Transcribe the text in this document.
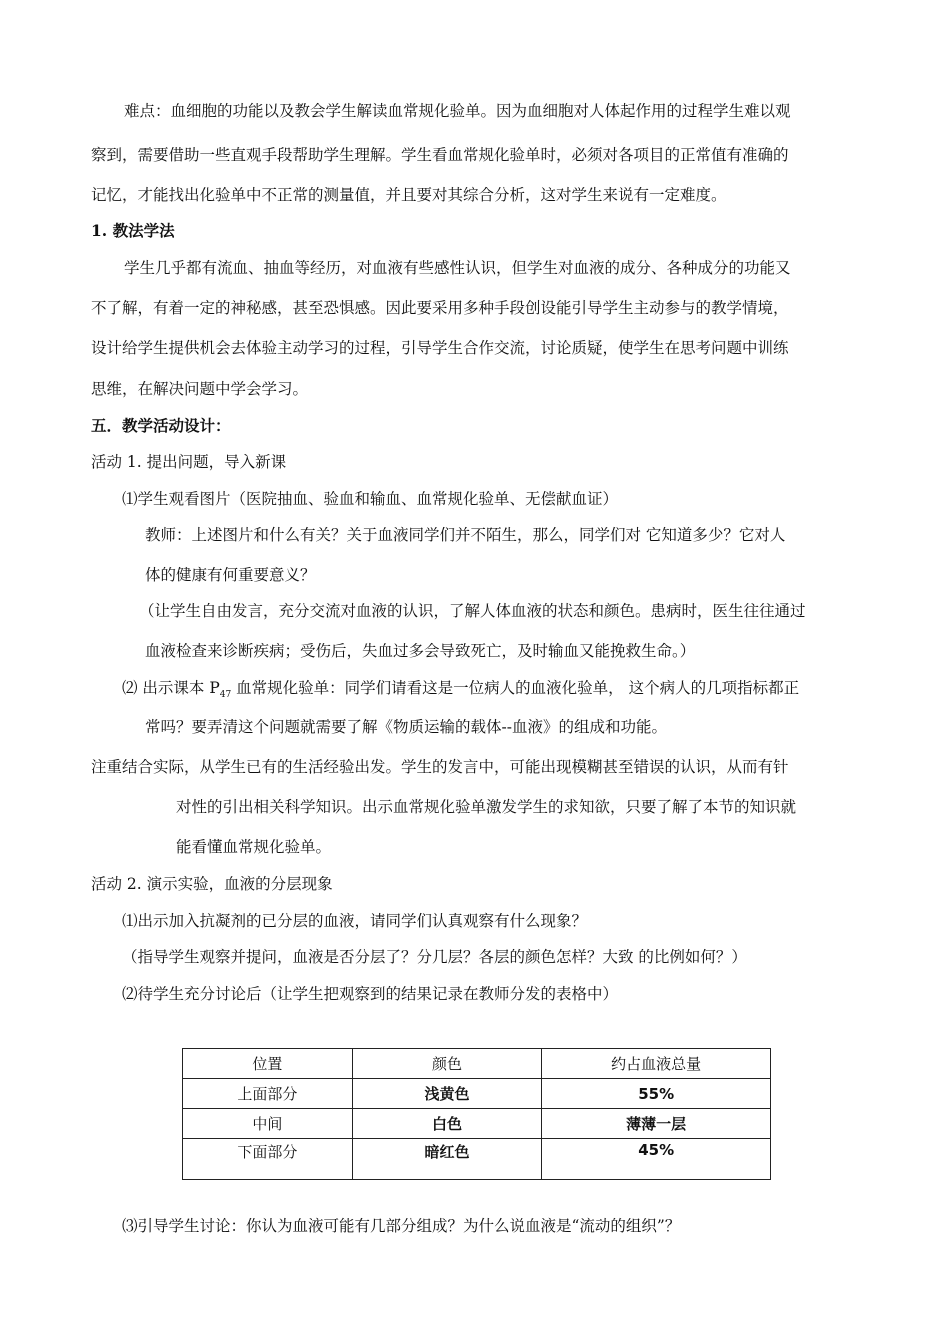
难点：血细胞的功能以及教会学生解读血常规化验单。因为血细胞对人体起作用的过程学生难以观
察到，需要借助一些直观手段帮助学生理解。学生看血常规化验单时，必须对各项目的正常值有准确的
记忆，才能找出化验单中不正常的测量值，并且要对其综合分析，这对学生来说有一定难度。
1. 教法学法
学生几乎都有流血、抽血等经历，对血液有些感性认识，但学生对血液的成分、各种成分的功能又
不了解，有着一定的神秘感，甚至恐惧感。因此要采用多种手段创设能引导学生主动参与的教学情境，
设计给学生提供机会去体验主动学习的过程，引导学生合作交流，讨论质疑，使学生在思考问题中训练
思维，在解决问题中学会学习。
五．教学活动设计：
活动 1. 提出问题，导入新课
⑴学生观看图片（医院抽血、验血和输血、血常规化验单、无偿献血证）
教师：上述图片和什么有关？关于血液同学们并不陌生，那么，同学们对 它知道多少？它对人
体的健康有何重要意义？
（让学生自由发言，充分交流对血液的认识，了解人体血液的状态和颜色。患病时，医生往往通过
血液检查来诊断疾病；受伤后，失血过多会导致死亡，及时输血又能挽救生命。）
⑵ 出示课本 $P_{47}$ 血常规化验单：同学们请看这是一位病人的血液化验单， 这个病人的几项指标都正
常吗？要弄清这个问题就需要了解《物质运输的载体--血液》的组成和功能。
注重结合实际，从学生已有的生活经验出发。学生的发言中，可能出现模糊甚至错误的认识，从而有针
对性的引出相关科学知识。出示血常规化验单激发学生的求知欲，只要了解了本节的知识就
能看懂血常规化验单。
活动 2. 演示实验，血液的分层现象
⑴出示加入抗凝剂的已分层的血液，请同学们认真观察有什么现象？
（指导学生观察并提问，血液是否分层了？分几层？各层的颜色怎样？大致 的比例如何？）
⑵待学生充分讨论后（让学生把观察到的结果记录在教师分发的表格中）
位置	颜色	约占血液总量
上面部分	浅黄色	55%
中间	白色	薄薄一层
下面部分	暗红色	45%
⑶引导学生讨论：你认为血液可能有几部分组成？为什么说血液是“流动的组织”？
